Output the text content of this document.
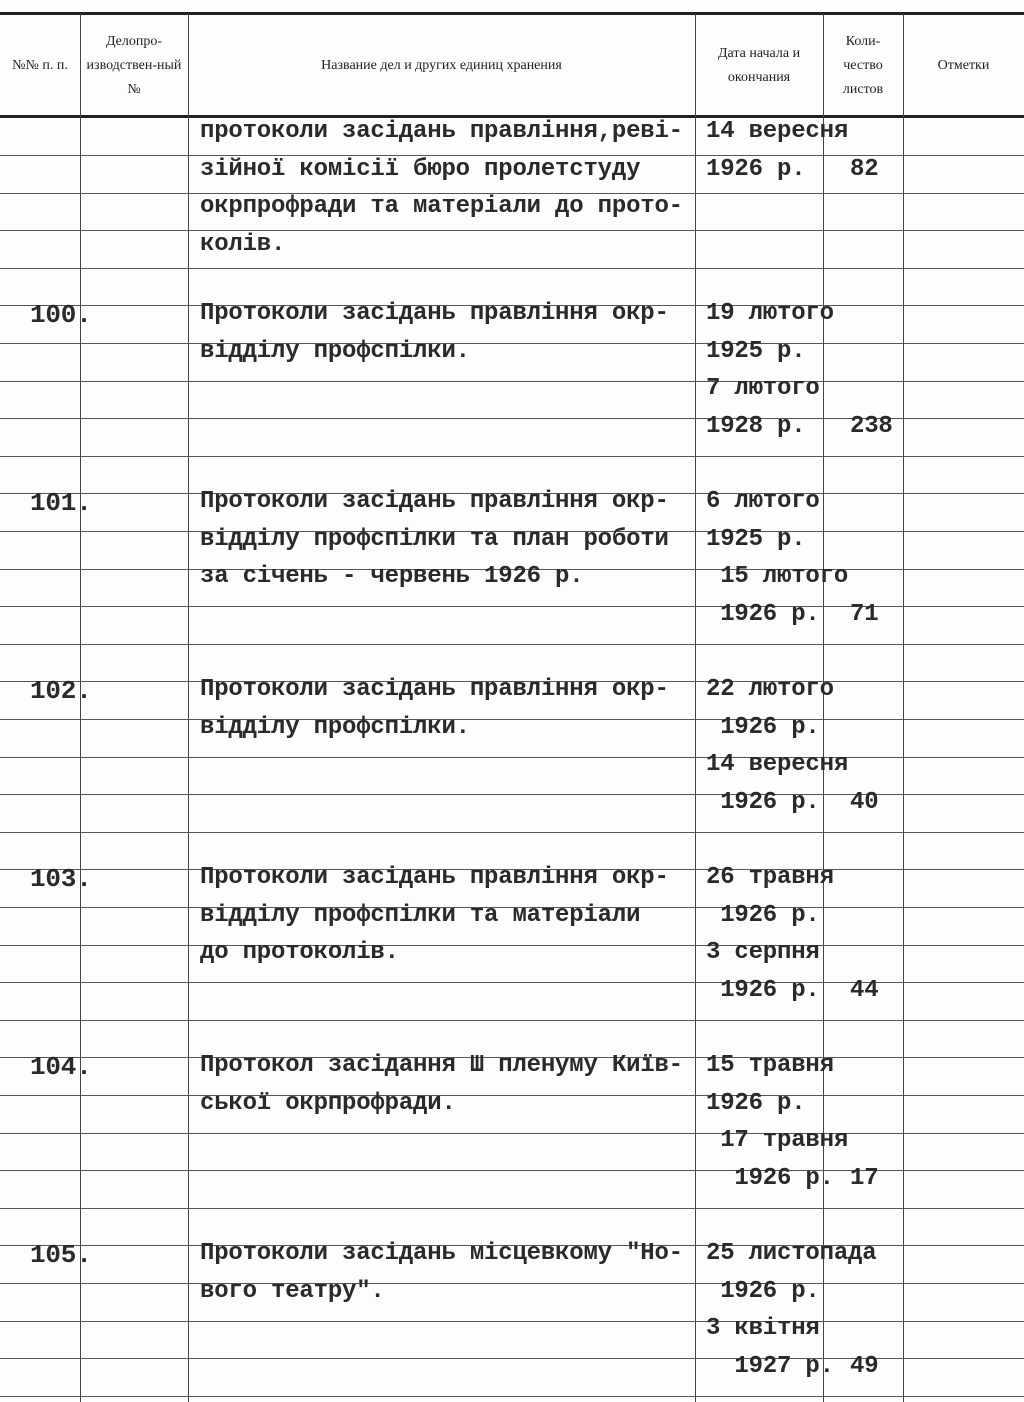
№№ п. п.
Делопро-изводствен-ный №
Название дел и других единиц хранения
Дата начала и окончания
Коли-чество листов
Отметки
протоколи засідань правління,реві-
зійної комісії бюро пролетстуду
окрпрофради та матеріали до прото-
колів.
14 вересня
1926 р. 82
100.	Протоколи засідань правління окр-
відділу профспілки.
19 лютого
1925 р.
7 лютого
1928 р. 238
101.	Протоколи засідань правління окр-
відділу профспілки та план роботи
за січень - червень 1926 р.
6 лютого
1925 р.
15 лютого
1926 р. 71
102.	Протоколи засідань правління окр-
відділу профспілки.
22 лютого
1926 р.
14 вересня
1926 р. 40
103.	Протоколи засідань правління окр-
відділу профспілки та матеріали
до протоколів.
26 травня
1926 р.
3 серпня
1926 р. 44
104.	Протокол засідання Ш пленуму Київ-
ської окрпрофради.
15 травня
1926 р.
17 травня
1926 р. 17
105.	Протоколи засідань місцевкому "Но-
вого театру".
25 листопада
1926 р.
3 квітня
1927 р. 49
